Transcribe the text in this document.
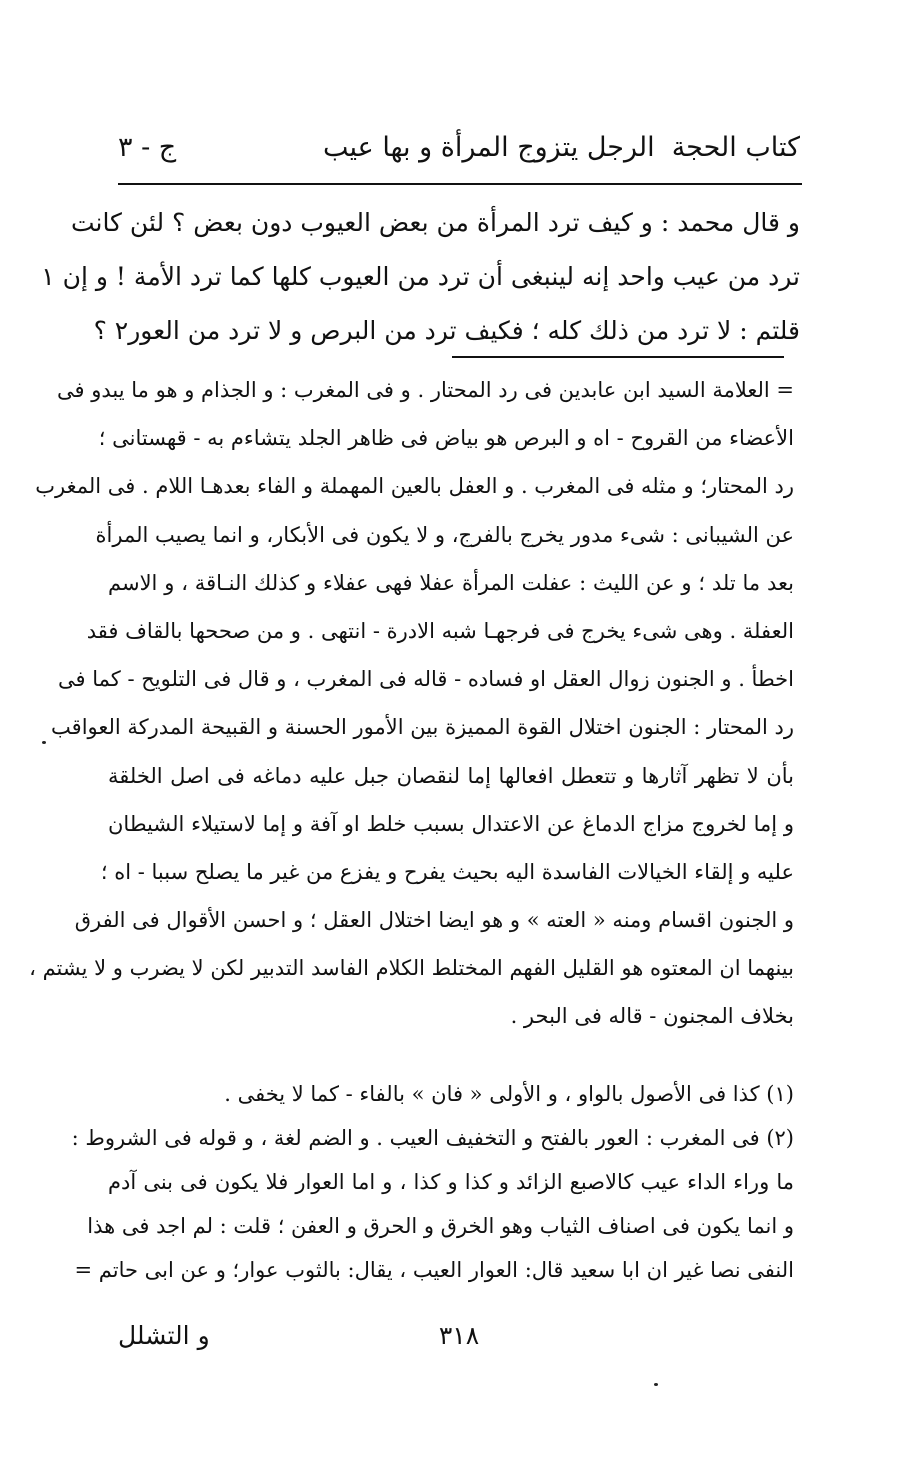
كتاب الحجة
الرجل يتزوج المرأة و بها عيب
ج - ٣
و قال محمد : و كيف ترد المرأة من بعض العيوب دون بعض ؟ لئن كانت
ترد من عيب واحد إنه لينبغى أن ترد من العيوب كلها كما ترد الأمة ! و إن ١
قلتم : لا ترد من ذلك كله ؛ فكيف ترد من البرص و لا ترد من العور٢ ؟
= العلامة السيد ابن عابدين فى رد المحتار . و فى المغرب : و الجذام و هو ما يبدو فى
الأعضاء من القروح - اه و البرص هو بياض فى ظاهر الجلد يتشاءم به - قهستانى ؛
رد المحتار؛ و مثله فى المغرب . و العفل بالعين المهملة و الفاء بعدهـا اللام . فى المغرب
عن الشيبانى : شىء مدور يخرج بالفرج، و لا يكون فى الأبكار، و انما يصيب المرأة
بعد ما تلد ؛ و عن الليث : عفلت المرأة عفلا فهى عفلاء و كذلك النـاقة ، و الاسم
العفلة . وهى شىء يخرج فى فرجهـا شبه الادرة - انتهى . و من صححها بالقاف فقد
اخطأ . و الجنون زوال العقل او فساده - قاله فى المغرب ، و قال فى التلويح - كما فى
رد المحتار : الجنون اختلال القوة المميزة بين الأمور الحسنة و القبيحة المدركة العواقب
بأن لا تظهر آثارها و تتعطل افعالها إما لنقصان جبل عليه دماغه فى اصل الخلقة
و إما لخروج مزاج الدماغ عن الاعتدال بسبب خلط او آفة و إما لاستيلاء الشيطان
عليه و إلقاء الخيالات الفاسدة اليه بحيث يفرح و يفزع من غير ما يصلح سببا - اه ؛
و الجنون اقسام ومنه « العته » و هو ايضا اختلال العقل ؛ و احسن الأقوال فى الفرق
بينهما ان المعتوه هو القليل الفهم المختلط الكلام الفاسد التدبير لكن لا يضرب و لا يشتم ،
بخلاف المجنون - قاله فى البحر .
(١) كذا فى الأصول بالواو ، و الأولى « فان » بالفاء - كما لا يخفى .
(٢) فى المغرب : العور بالفتح و التخفيف العيب . و الضم لغة ، و قوله فى الشروط :
ما وراء الداء عيب كالاصبع الزائد و كذا و كذا ، و اما العوار فلا يكون فى بنى آدم
و انما يكون فى اصناف الثياب وهو الخرق و الحرق و العفن ؛ قلت : لم اجد فى هذا
النفى نصا غير ان ابا سعيد قال: العوار العيب ، يقال: بالثوب عوار؛ و عن ابى حاتم =
٣١٨
و التشلل
